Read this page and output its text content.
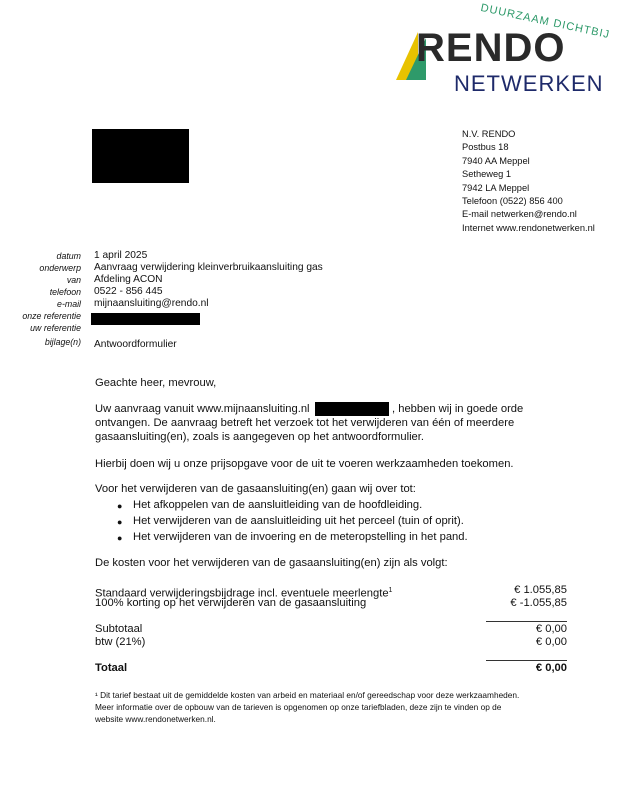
DUURZAAM DICHTBIJ
RENDO
NETWERKEN
N.V. RENDO
Postbus 18
7940 AA Meppel
Setheweg 1
7942 LA Meppel
Telefoon (0522) 856 400
E-mail netwerken@rendo.nl
Internet www.rendonetwerken.nl
datum 1 april 2025
onderwerp Aanvraag verwijdering kleinverbruikaansluiting gas
van Afdeling ACON
telefoon 0522 - 856 445
e-mail mijnaansluiting@rendo.nl
onze referentie
uw referentie
bijlage(n) Antwoordformulier
Geachte heer, mevrouw,
Uw aanvraag vanuit www.mijnaansluiting.nl	, hebben wij in goede orde
ontvangen. De aanvraag betreft het verzoek tot het verwijderen van één of meerdere
gasaansluiting(en), zoals is aangegeven op het antwoordformulier.
Hierbij doen wij u onze prijsopgave voor de uit te voeren werkzaamheden toekomen.
Voor het verwijderen van de gasaansluiting(en) gaan wij over tot:
● Het afkoppelen van de aansluitleiding van de hoofdleiding.
● Het verwijderen van de aansluitleiding uit het perceel (tuin of oprit).
● Het verwijderen van de invoering en de meteropstelling in het pand.
De kosten voor het verwijderen van de gasaansluiting(en) zijn als volgt:
Standaard verwijderingsbijdrage incl. eventuele meerlengte$^1$	€ 1.055,85
100% korting op het verwijderen van de gasaansluiting	€ -1.055,85
Subtotaal	€ 0,00
btw (21%)	€ 0,00
Totaal	€ 0,00
¹ Dit tarief bestaat uit de gemiddelde kosten van arbeid en materiaal en/of gereedschap voor deze werkzaamheden.
Meer informatie over de opbouw van de tarieven is opgenomen op onze tariefbladen, deze zijn te vinden op de
website www.rendonetwerken.nl.
